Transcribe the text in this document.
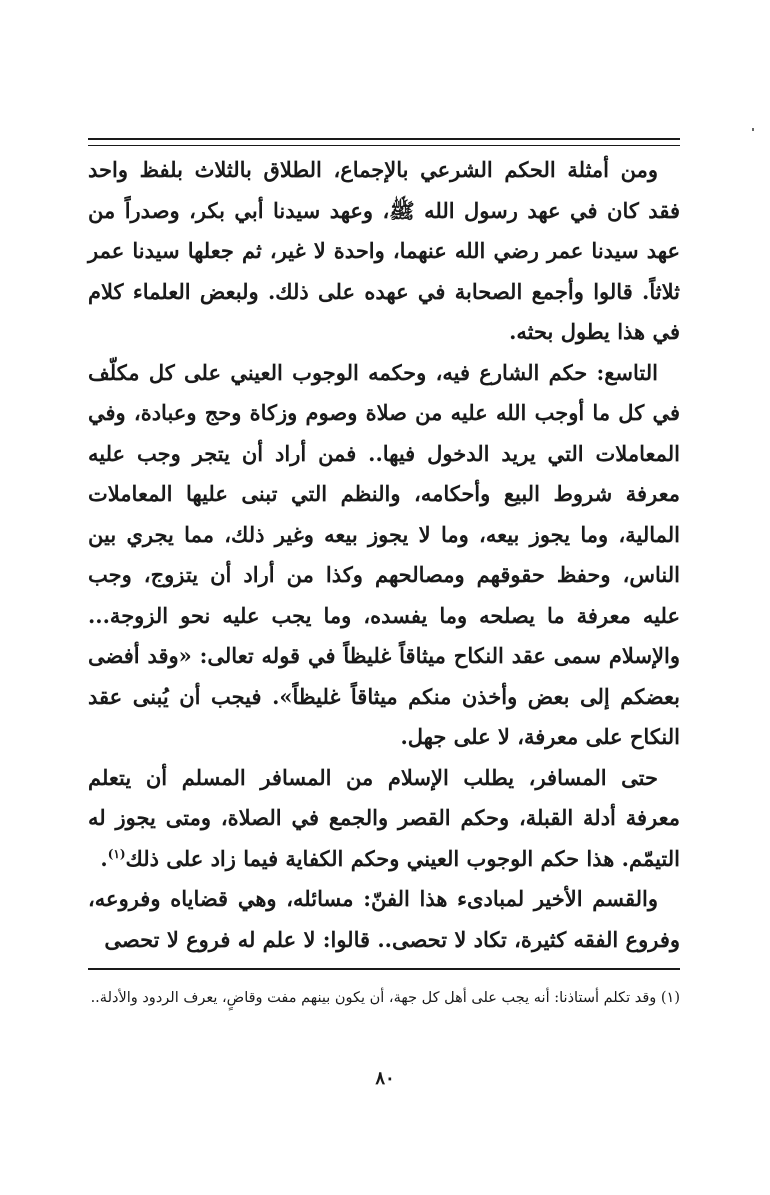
ومن أمثلة الحكم الشرعي بالإجماع، الطلاق بالثلاث بلفظ واحد فقد كان في عهد رسول الله ﷺ، وعهد سيدنا أبي بكر، وصدراً من عهد سيدنا عمر رضي الله عنهما، واحدة لا غير، ثم جعلها سيدنا عمر ثلاثاً. قالوا وأجمع الصحابة في عهده على ذلك. ولبعض العلماء كلام في هذا يطول بحثه.

التاسع: حكم الشارع فيه، وحكمه الوجوب العيني على كل مكلّف في كل ما أوجب الله عليه من صلاة وصوم وزكاة وحج وعبادة، وفي المعاملات التي يريد الدخول فيها.. فمن أراد أن يتجر وجب عليه معرفة شروط البيع وأحكامه، والنظم التي تبنى عليها المعاملات المالية، وما يجوز بيعه، وما لا يجوز بيعه وغير ذلك، مما يجري بين الناس، وحفظ حقوقهم ومصالحهم وكذا من أراد أن يتزوج، وجب عليه معرفة ما يصلحه وما يفسده، وما يجب عليه نحو الزوجة... والإسلام سمى عقد النكاح ميثاقاً غليظاً في قوله تعالى: «وقد أفضى بعضكم إلى بعض وأخذن منكم ميثاقاً غليظاً». فيجب أن يُبنى عقد النكاح على معرفة، لا على جهل.

حتى المسافر، يطلب الإسلام من المسافر المسلم أن يتعلم معرفة أدلة القبلة، وحكم القصر والجمع في الصلاة، ومتى يجوز له التيمّم. هذا حكم الوجوب العيني وحكم الكفاية فيما زاد على ذلك$^{(١)}$.

والقسم الأخير لمبادىء هذا الفنّ: مسائله، وهي قضاياه وفروعه، وفروع الفقه كثيرة، تكاد لا تحصى.. قالوا: لا علم له فروع لا تحصى

(١) وقد تكلم أستاذنا: أنه يجب على أهل كل جهة، أن يكون بينهم مفت وقاضٍ، يعرف الردود والأدلة..

٨٠
